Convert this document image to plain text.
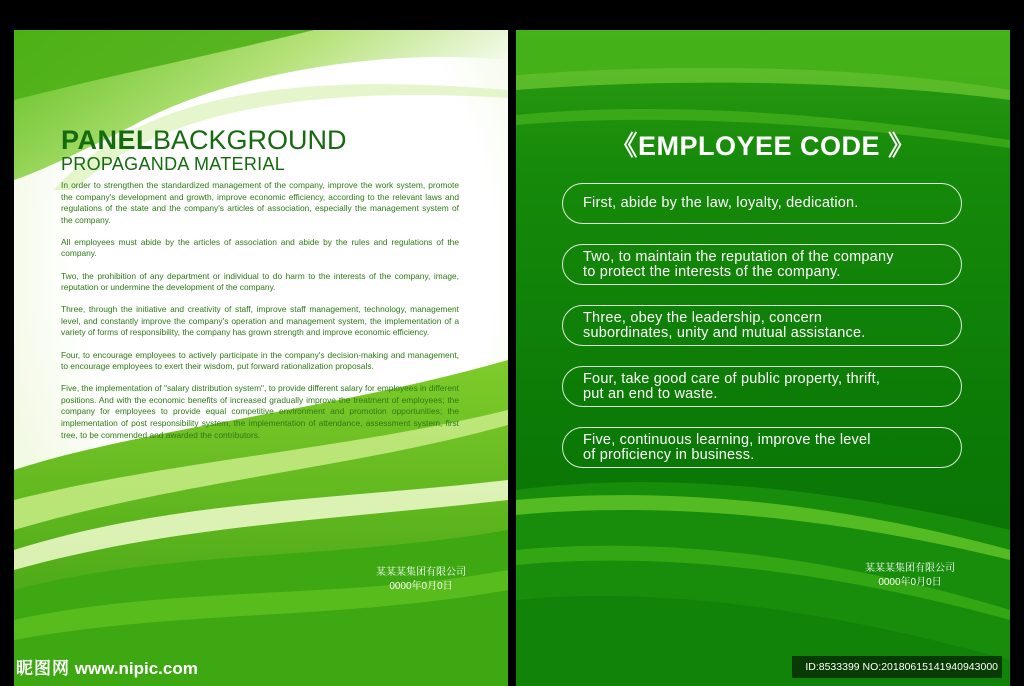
PANELBACKGROUND
PROPAGANDA MATERIAL

In order to strengthen the standardized management of the company, improve the work system, promote the company's development and growth, improve economic efficiency, according to the relevant laws and regulations of the state and the company's articles of association, especially the management system of the company.

All employees must abide by the articles of association and abide by the rules and regulations of the company.

Two, the prohibition of any department or individual to do harm to the interests of the company, image, reputation or undermine the development of the company.

Three, through the initiative and creativity of staff, improve staff management, technology, management level, and constantly improve the company's operation and management system, the implementation of a variety of forms of responsibility, the company has grown strength and improve economic efficiency.

Four, to encourage employees to actively participate in the company's decision-making and management, to encourage employees to exert their wisdom, put forward rationalization proposals.

Five, the implementation of "salary distribution system", to provide different salary for employees in different positions. And with the economic benefits of increased gradually improve the treatment of employees; the company for employees to provide equal competitive environment and promotion opportunities; the implementation of post responsibility system, the implementation of attendance, assessment system, first tree, to be commended and awarded the contributors.

某某某集团有限公司
0000年0月0日
《EMPLOYEE CODE 》
First, abide by the law, loyalty, dedication.
Two, to maintain the reputation of the company
to protect the interests of the company.
Three, obey the leadership, concern
subordinates, unity and mutual assistance.
Four, take good care of public property, thrift,
put an end to waste.
Five, continuous learning, improve the level
of proficiency in business.
某某某集团有限公司
0000年0月0日
昵图网 www.nipic.com	ID:8533399 NO:20180615141940943000
